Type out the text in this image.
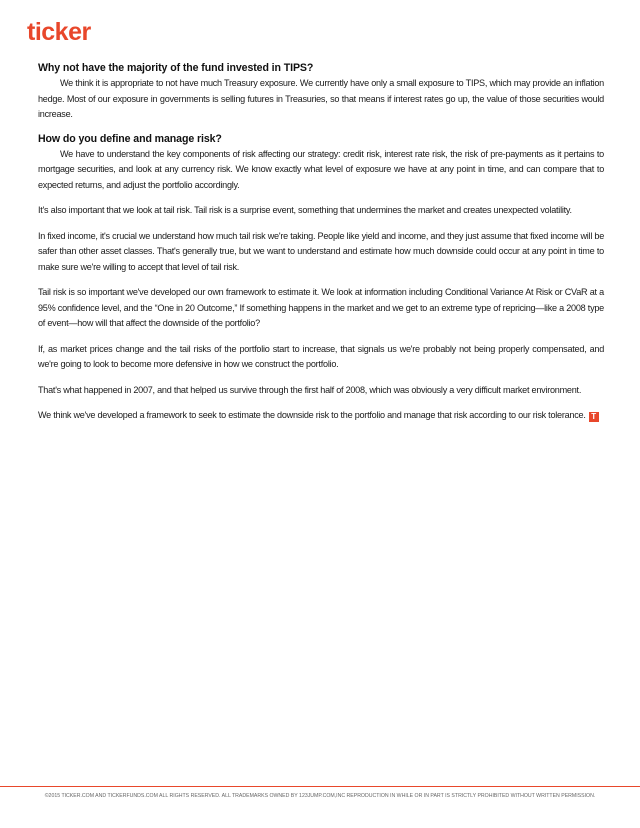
ticker
Why not have the majority of the fund invested in TIPS?

We think it is appropriate to not have much Treasury exposure. We currently have only a small exposure to TIPS, which may provide an inflation hedge. Most of our exposure in governments is selling futures in Treasuries, so that means if interest rates go up, the value of those securities would increase.

How do you define and manage risk?

We have to understand the key components of risk affecting our strategy: credit risk, interest rate risk, the risk of pre-payments as it pertains to mortgage securities, and look at any currency risk. We know exactly what level of exposure we have at any point in time, and can compare that to expected returns, and adjust the portfolio accordingly.

It's also important that we look at tail risk. Tail risk is a surprise event, something that undermines the market and creates unexpected volatility.

In fixed income, it's crucial we understand how much tail risk we're taking. People like yield and income, and they just assume that fixed income will be safer than other asset classes. That's generally true, but we want to understand and estimate how much downside could occur at any point in time to make sure we're willing to accept that level of tail risk.

Tail risk is so important we've developed our own framework to estimate it. We look at information including Conditional Variance At Risk or CVaR at a 95% confidence level, and the “One in 20 Outcome,” If something happens in the market and we get to an extreme type of repricing—like a 2008 type of event—how will that affect the downside of the portfolio?

If, as market prices change and the tail risks of the portfolio start to increase, that signals us we're probably not being properly compensated, and we're going to look to become more defensive in how we construct the portfolio.

That's what happened in 2007, and that helped us survive through the first half of 2008, which was obviously a very difficult market environment.

We think we've developed a framework to seek to estimate the downside risk to the portfolio and manage that risk according to our risk tolerance. T

©2015 TICKER.COM AND TICKERFUNDS.COM ALL RIGHTS RESERVED. ALL TRADEMARKS OWNED BY 123JUMP.COM,INC REPRODUCTION IN WHILE OR IN PART IS STRICTLY PROHIBITED WITHOUT WRITTEN PERMISSION.
